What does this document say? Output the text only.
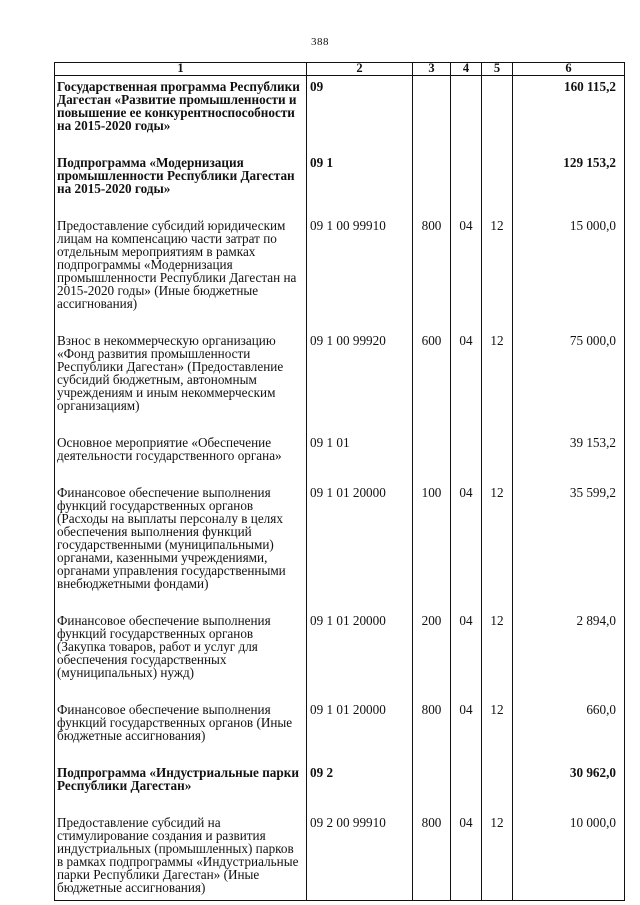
388
1	2	3	4	5	6
Государственная программа Республики Дагестан «Развитие промышленности и повышение ее конкурентноспособности на 2015-2020 годы»	09				160 115,2
Подпрограмма «Модернизация промышленности Республики Дагестан на 2015-2020 годы»	09 1				129 153,2
Предоставление субсидий юридическим лицам на компенсацию части затрат по отдельным мероприятиям в рамках подпрограммы «Модернизация промышленности Республики Дагестан на 2015-2020 годы» (Иные бюджетные ассигнования)	09 1 00 99910	800	04	12	15 000,0
Взнос в некоммерческую организацию «Фонд развития промышленности Республики Дагестан» (Предоставление субсидий бюджетным, автономным учреждениям и иным некоммерческим организациям)	09 1 00 99920	600	04	12	75 000,0
Основное мероприятие «Обеспечение деятельности государственного органа»	09 1 01				39 153,2
Финансовое обеспечение выполнения функций государственных органов (Расходы на выплаты персоналу в целях обеспечения выполнения функций государственными (муниципальными) органами, казенными учреждениями, органами управления государственными внебюджетными фондами)	09 1 01 20000	100	04	12	35 599,2
Финансовое обеспечение выполнения функций государственных органов (Закупка товаров, работ и услуг для обеспечения государственных (муниципальных) нужд)	09 1 01 20000	200	04	12	2 894,0
Финансовое обеспечение выполнения функций государственных органов (Иные бюджетные ассигнования)	09 1 01 20000	800	04	12	660,0
Подпрограмма «Индустриальные парки Республики Дагестан»	09 2				30 962,0
Предоставление субсидий на стимулирование создания и развития индустриальных (промышленных) парков в рамках подпрограммы «Индустриальные парки Республики Дагестан» (Иные бюджетные ассигнования)	09 2 00 99910	800	04	12	10 000,0
